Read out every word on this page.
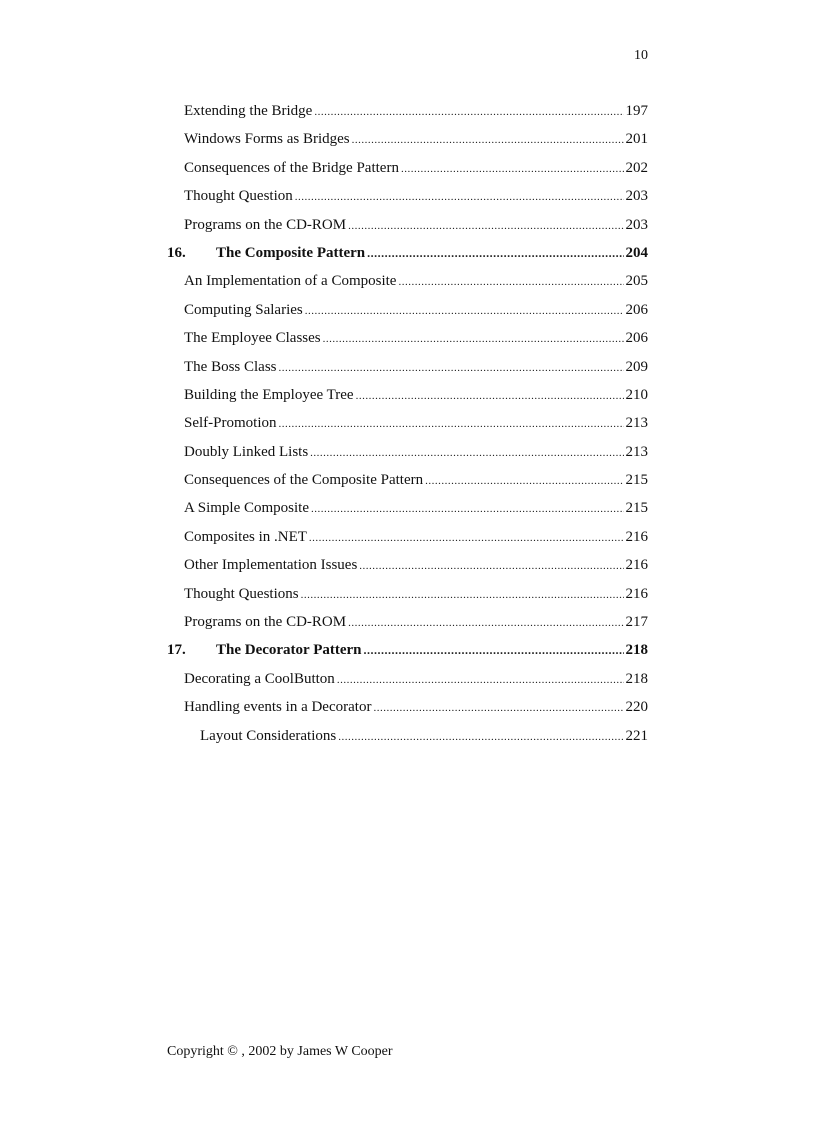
10
Extending the Bridge .....	197
Windows Forms as Bridges .....	201
Consequences of the Bridge Pattern .....	202
Thought Question .....	203
Programs on the CD-ROM .....	203
16.	The Composite Pattern .....	204
An Implementation of a Composite .....	205
Computing Salaries .....	206
The Employee Classes .....	206
The Boss Class .....	209
Building the Employee Tree .....	210
Self-Promotion .....	213
Doubly Linked Lists .....	213
Consequences of the Composite Pattern .....	215
A Simple Composite .....	215
Composites in .NET .....	216
Other Implementation Issues .....	216
Thought Questions .....	216
Programs on the CD-ROM .....	217
17.	The Decorator Pattern .....	218
Decorating a CoolButton .....	218
Handling events in a Decorator .....	220
Layout Considerations .....	221
Copyright © , 2002 by James W Cooper
